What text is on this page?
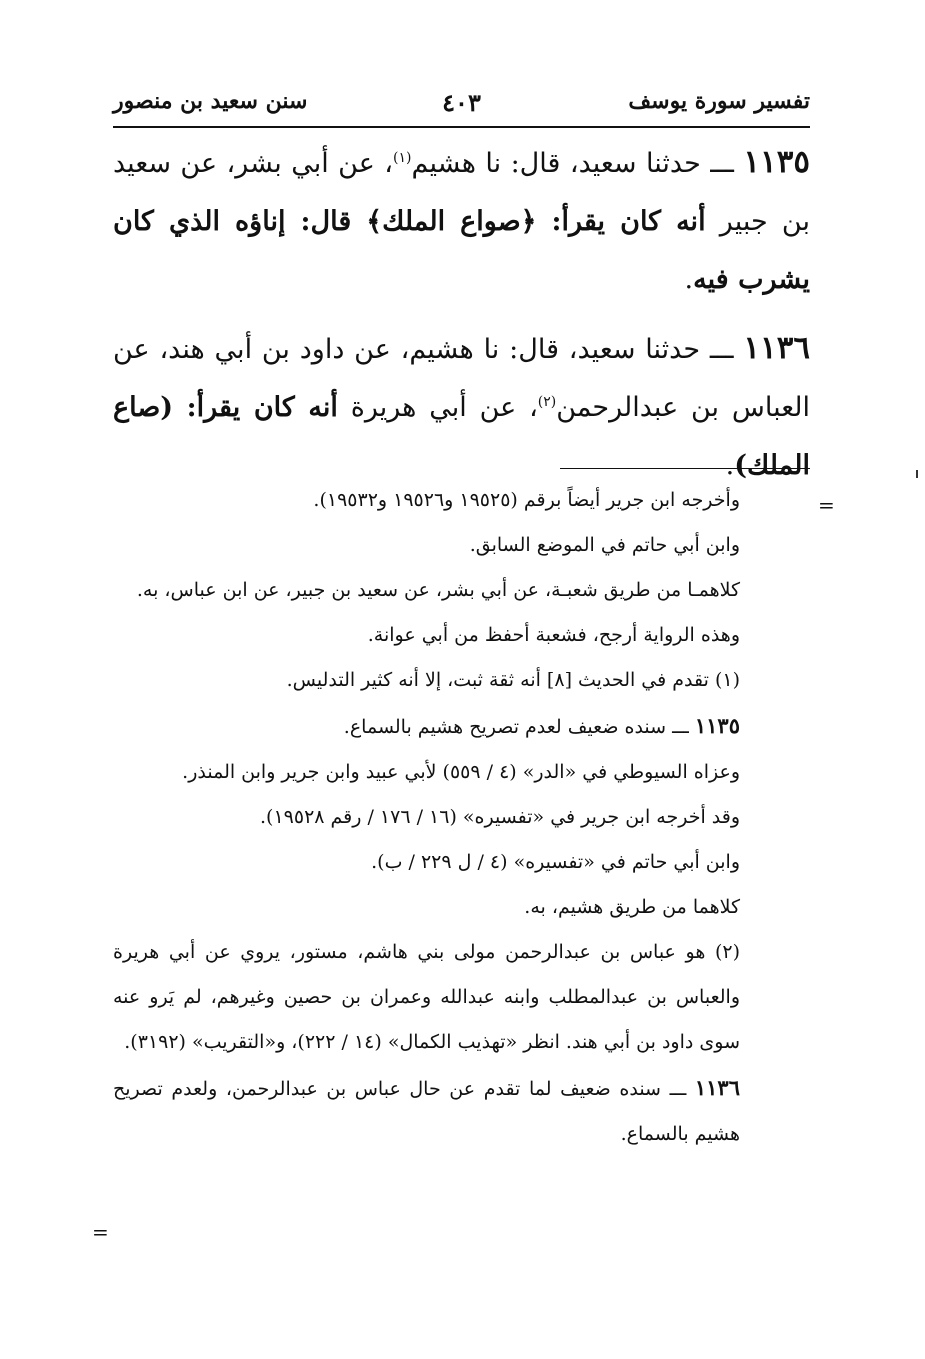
تفسير سورة يوسف
٤٠٣
سنن سعيد بن منصور

١١٣٥ ـــ حدثنا سعيد، قال: نا هشيم$^{(١)}$، عن أبي بشر، عن سعيد بن جبير أنه كان يقرأ: ﴿صواع الملك﴾ قال: إناؤه الذي كان يشرب فيه.

١١٣٦ ـــ حدثنا سعيد، قال: نا هشيم، عن داود بن أبي هند، عن العباس بن عبدالرحمن$^{(٢)}$، عن أبي هريرة أنه كان يقرأ: (صاع الملك).

وأخرجه ابن جرير أيضاً برقم (١٩٥٢٥ و١٩٥٢٦ و١٩٥٣٢).

وابن أبي حاتم في الموضع السابق.

كلاهمـا من طريق شعبـة، عن أبي بشر، عن سعيد بن جبير، عن ابن عباس، به.

وهذه الرواية أرجح، فشعبة أحفظ من أبي عوانة.

(١) تقدم في الحديث [٨] أنه ثقة ثبت، إلا أنه كثير التدليس.

١١٣٥ ـــ سنده ضعيف لعدم تصريح هشيم بالسماع.

وعزاه السيوطي في «الدر» (٤ / ٥٥٩) لأبي عبيد وابن جرير وابن المنذر.

وقد أخرجه ابن جرير في «تفسيره» (١٦ / ١٧٦ / رقم ١٩٥٢٨).

وابن أبي حاتم في «تفسيره» (٤ / ل ٢٢٩ / ب).

كلاهما من طريق هشيم، به.

(٢) هو عباس بن عبدالرحمن مولى بني هاشم، مستور، يروي عن أبي هريرة والعباس بن عبدالمطلب وابنه عبدالله وعمران بن حصين وغيرهم، لم يَرو عنه سوى داود بن أبي هند. انظر «تهذيب الكمال» (١٤ / ٢٢٢)، و«التقريب» (٣١٩٢).

١١٣٦ ـــ سنده ضعيف لما تقدم عن حال عباس بن عبدالرحمن، ولعدم تصريح هشيم بالسماع.

=
=
